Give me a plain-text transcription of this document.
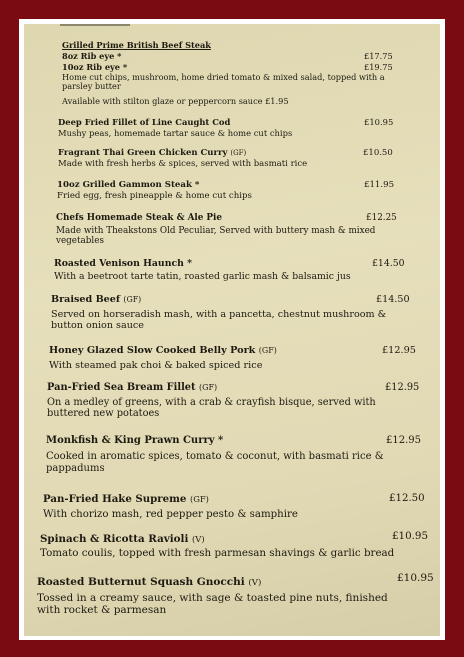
Grilled Prime British Beef Steak
8oz Rib eye *	£17.75
10oz Rib eye *	£19.75
Home cut chips, mushroom, home dried tomato & mixed salad, topped with a parsley butter
Available with stilton glaze or peppercorn sauce £1.95
Deep Fried Fillet of Line Caught Cod	£10.95
Mushy peas, homemade tartar sauce & home cut chips
Fragrant Thai Green Chicken Curry (GF)	£10.50
Made with fresh herbs & spices, served with basmati rice
10oz Grilled Gammon Steak *	£11.95
Fried egg, fresh pineapple & home cut chips
Chefs Homemade Steak & Ale Pie	£12.25
Made with Theakstons Old Peculiar, Served with buttery mash & mixed vegetables
Roasted Venison Haunch *	£14.50
With a beetroot tarte tatin, roasted garlic mash & balsamic jus
Braised Beef (GF)	£14.50
Served on horseradish mash, with a pancetta, chestnut mushroom & button onion sauce
Honey Glazed Slow Cooked Belly Pork (GF)	£12.95
With steamed pak choi & baked spiced rice
Pan-Fried Sea Bream Fillet (GF)	£12.95
On a medley of greens, with a crab & crayfish bisque, served with buttered new potatoes
Monkfish & King Prawn Curry *	£12.95
Cooked in aromatic spices, tomato & coconut, with basmati rice & pappadums
Pan-Fried Hake Supreme (GF)	£12.50
With chorizo mash, red pepper pesto & samphire
Spinach & Ricotta Ravioli (V)	£10.95
Tomato coulis, topped with fresh parmesan shavings & garlic bread
Roasted Butternut Squash Gnocchi (V)	£10.95
Tossed in a creamy sauce, with sage & toasted pine nuts, finished with rocket & parmesan
